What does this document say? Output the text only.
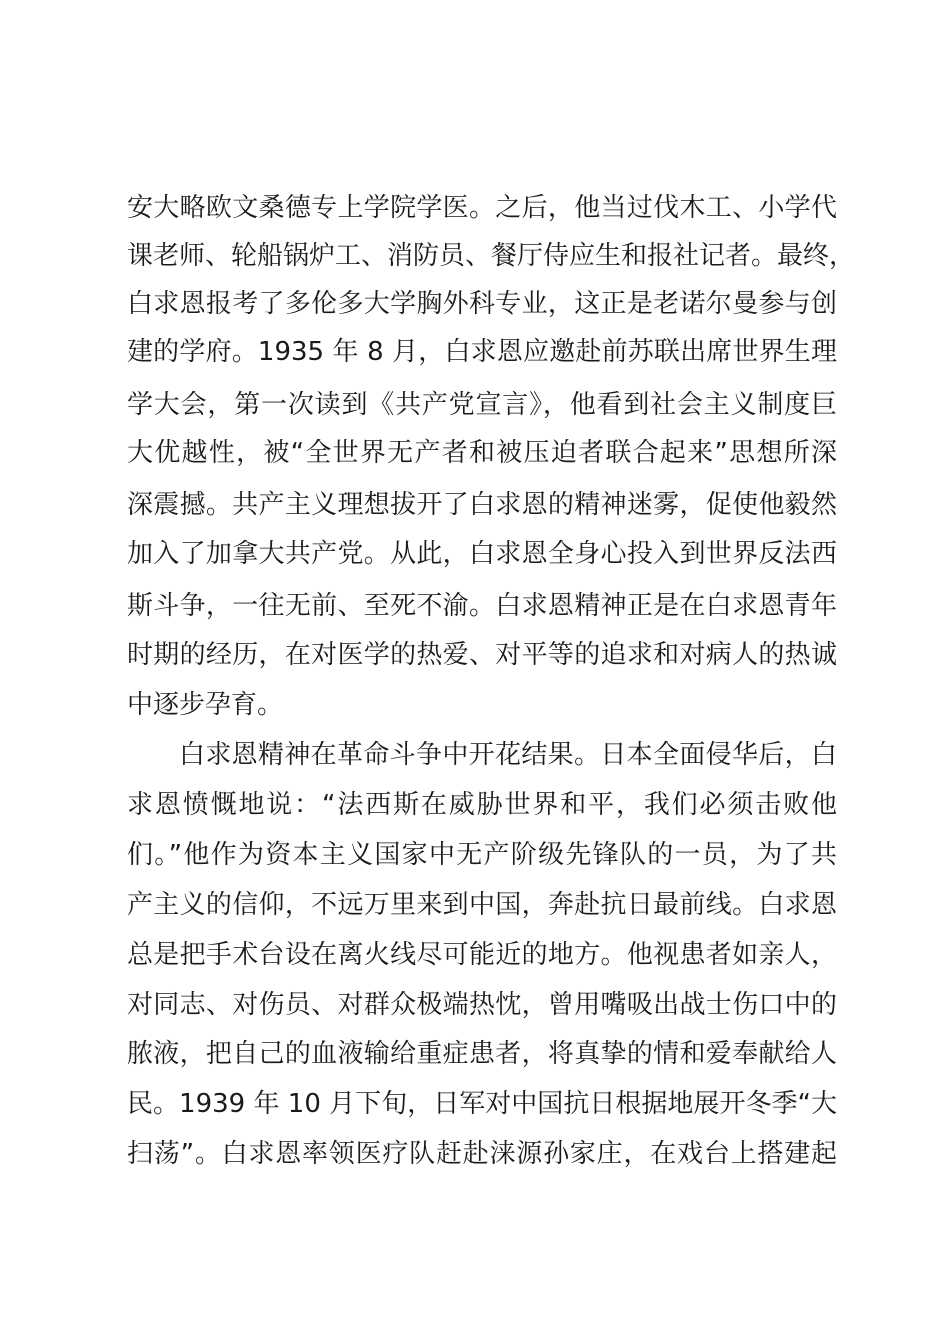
安大略欧文桑德专上学院学医。之后，他当过伐木工、小学代
课老师、轮船锅炉工、消防员、餐厅侍应生和报社记者。最终，
白求恩报考了多伦多大学胸外科专业，这正是老诺尔曼参与创
建的学府。1935 年 8 月，白求恩应邀赴前苏联出席世界生理
学大会，第一次读到《共产党宣言》，他看到社会主义制度巨
大优越性，被“全世界无产者和被压迫者联合起来”思想所深
深震撼。共产主义理想拔开了白求恩的精神迷雾，促使他毅然
加入了加拿大共产党。从此，白求恩全身心投入到世界反法西
斯斗争，一往无前、至死不渝。白求恩精神正是在白求恩青年
时期的经历，在对医学的热爱、对平等的追求和对病人的热诚
中逐步孕育。
白求恩精神在革命斗争中开花结果。日本全面侵华后，白
求恩愤慨地说：“法西斯在威胁世界和平，我们必须击败他
们。”他作为资本主义国家中无产阶级先锋队的一员，为了共
产主义的信仰，不远万里来到中国，奔赴抗日最前线。白求恩
总是把手术台设在离火线尽可能近的地方。他视患者如亲人，
对同志、对伤员、对群众极端热忱，曾用嘴吸出战士伤口中的
脓液，把自己的血液输给重症患者，将真挚的情和爱奉献给人
民。1939 年 10 月下旬，日军对中国抗日根据地展开冬季“大
扫荡”。白求恩率领医疗队赶赴涞源孙家庄，在戏台上搭建起
